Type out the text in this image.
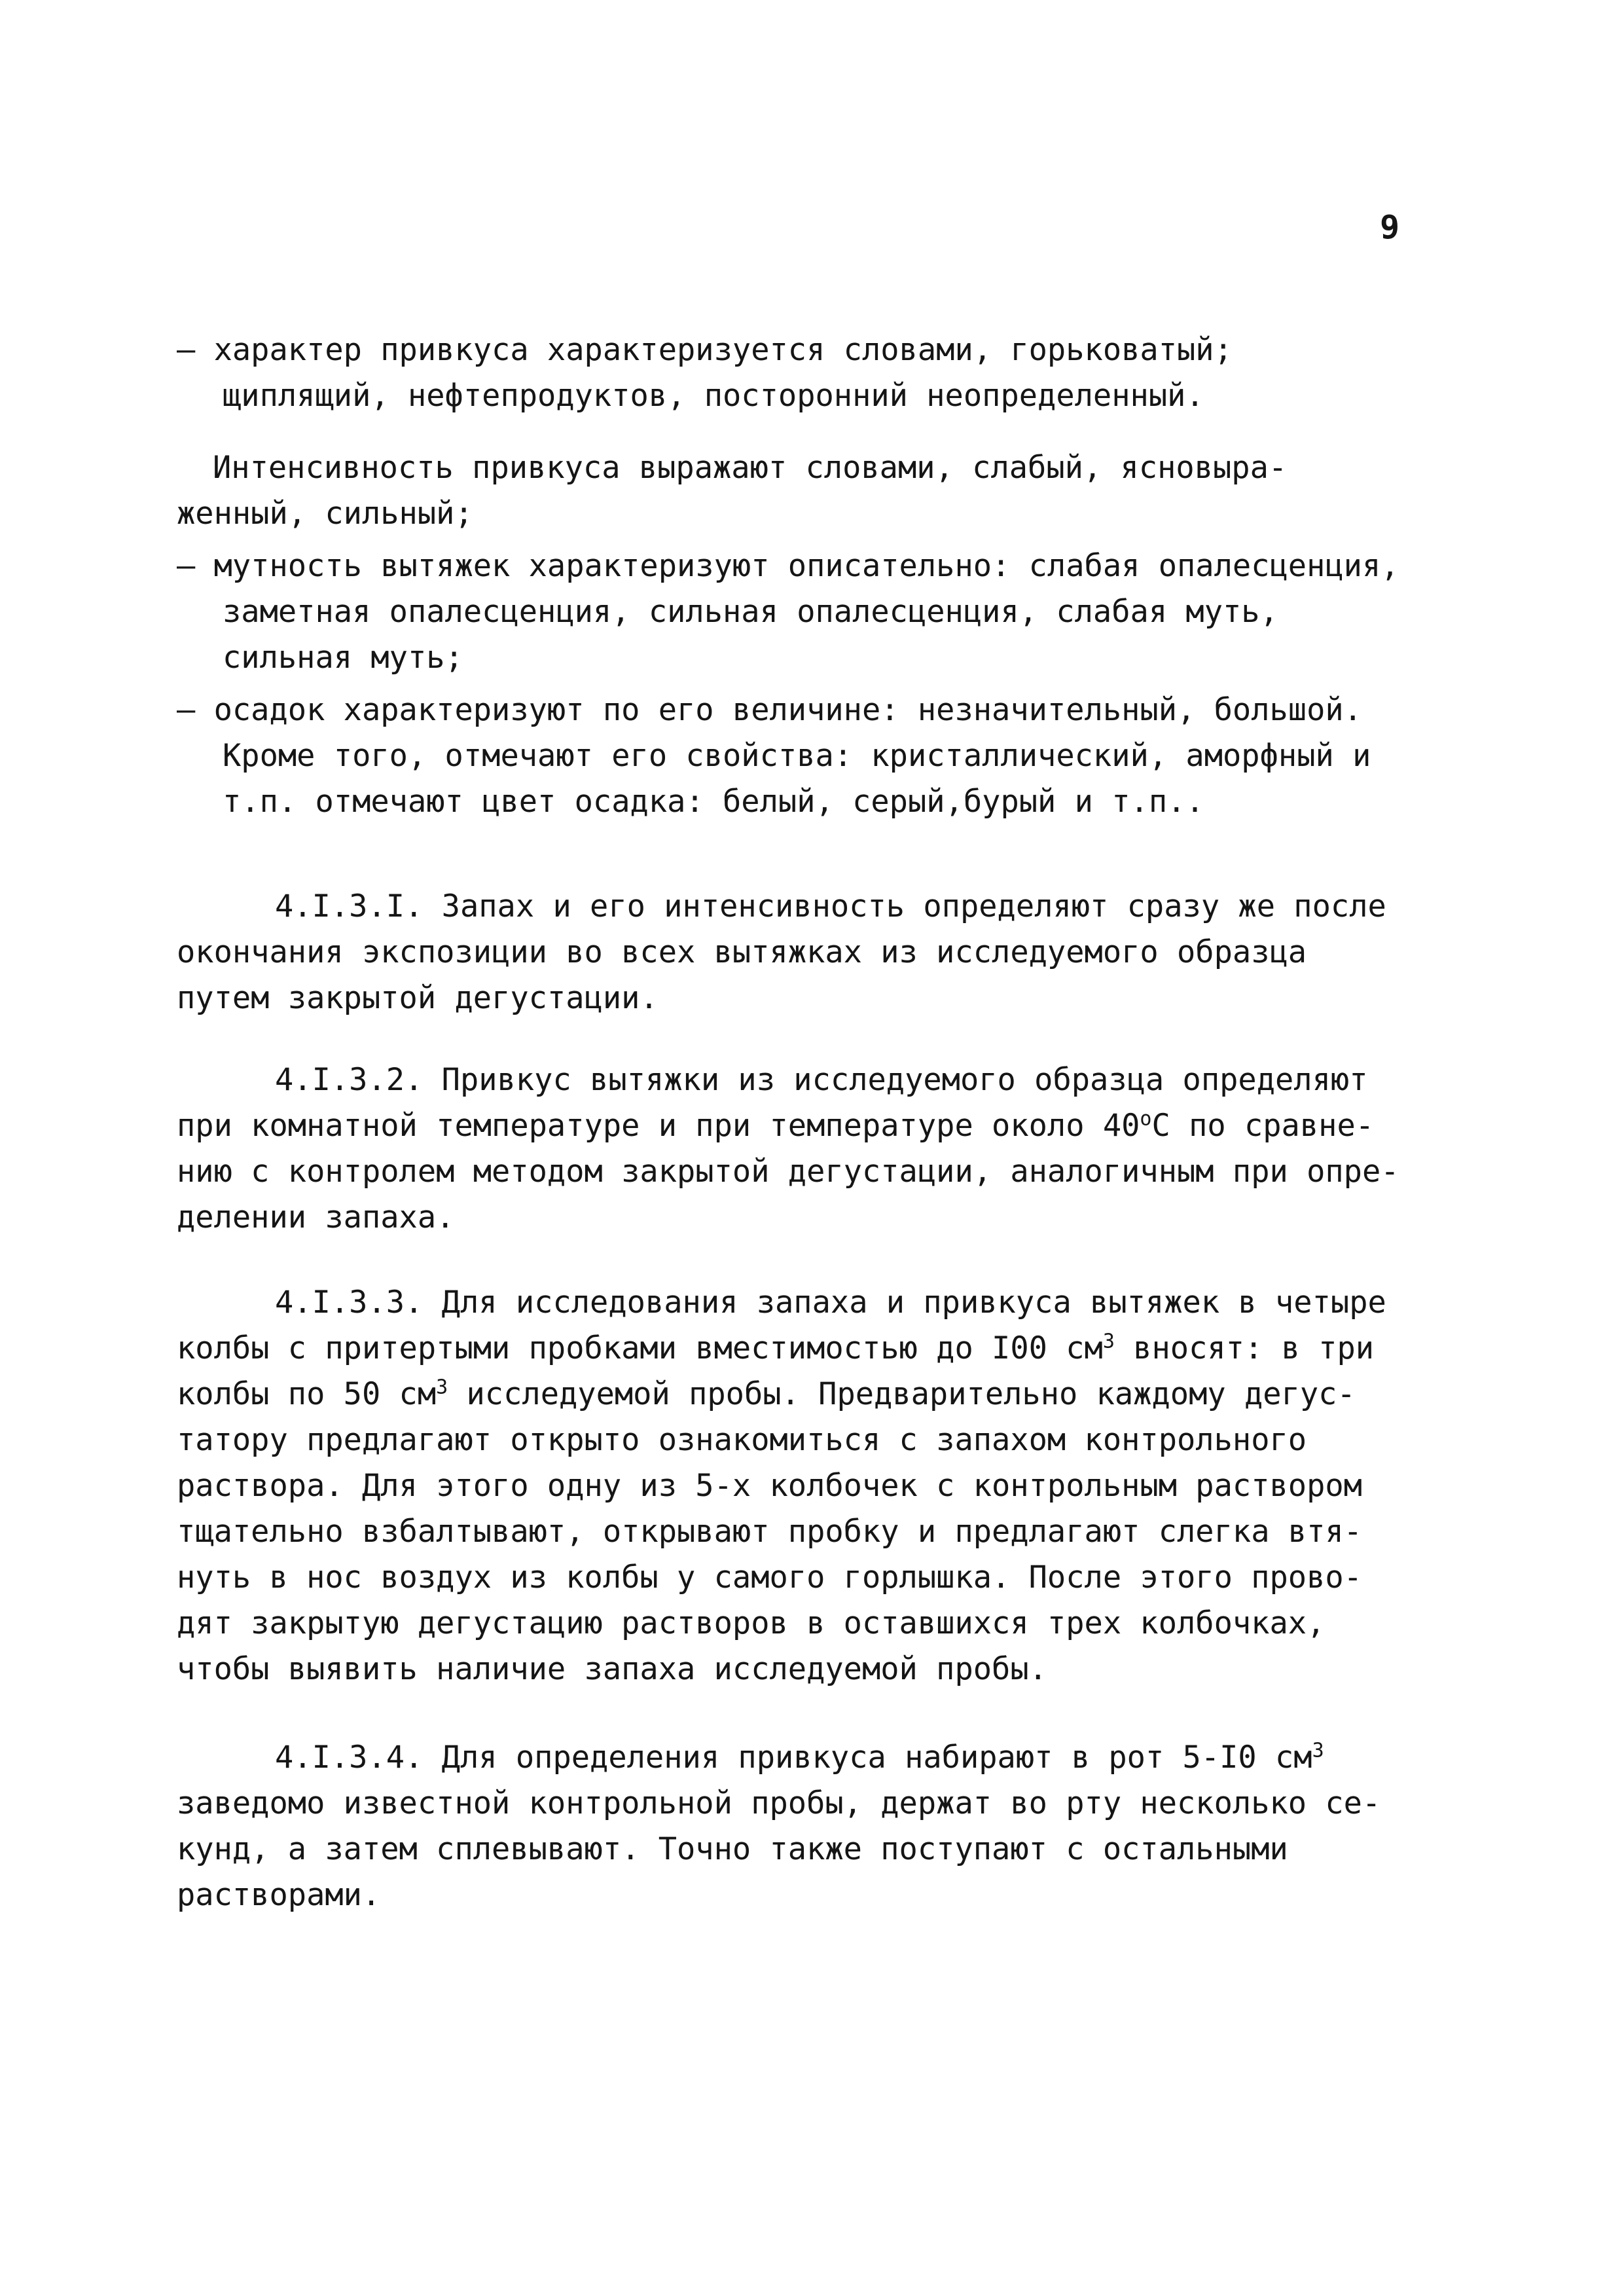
9
– характер привкуса характеризуется словами, горьковатый;
щиплящий, нефтепродуктов, посторонний неопределенный.
Интенсивность привкуса выражают словами, слабый, ясновыра-
женный, сильный;
– мутность вытяжек характеризуют описательно: слабая опалесценция,
заметная опалесценция, сильная опалесценция, слабая муть,
сильная муть;
– осадок характеризуют по его величине: незначительный, большой.
Кроме того, отмечают его свойства: кристаллический, аморфный и
т.п. отмечают цвет осадка: белый, серый,бурый и т.п..
4.I.3.I. Запах и его интенсивность определяют сразу же после
окончания экспозиции во всех вытяжках из исследуемого образца
путем закрытой дегустации.
4.I.3.2. Привкус вытяжки из исследуемого образца определяют
при комнатной температуре и при температуре около $40^оС$ по сравне-
нию с контролем методом закрытой дегустации, аналогичным при опре-
делении запаха.
4.I.3.3. Для исследования запаха и привкуса вытяжек в четыре
колбы с притертыми пробками вместимостью до I00 $см^3$ вносят: в три
колбы по 50 $см^3$ исследуемой пробы. Предварительно каждому дегус-
татору предлагают открыто ознакомиться с запахом контрольного
раствора. Для этого одну из 5-х колбочек с контрольным раствором
тщательно взбалтывают, открывают пробку и предлагают слегка втя-
нуть в нос воздух из колбы у самого горлышка. После этого прово-
дят закрытую дегустацию растворов в оставшихся трех колбочках,
чтобы выявить наличие запаха исследуемой пробы.
4.I.3.4. Для определения привкуса набирают в рот 5-I0 $см^3$
заведомо известной контрольной пробы, держат во рту несколько се-
кунд, а затем сплевывают. Точно также поступают с остальными
растворами.
